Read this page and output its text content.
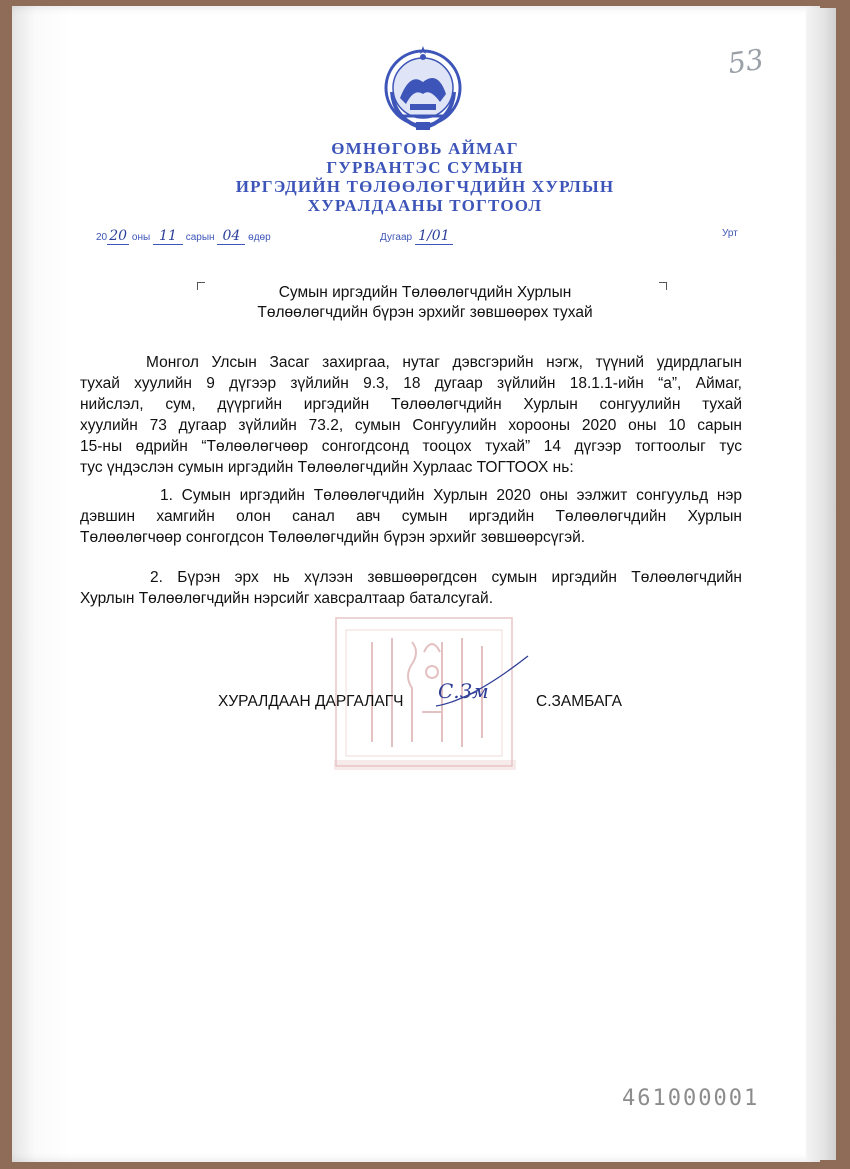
ӨМНӨГОВЬ АЙМАГ
ГУРВАНТЭС СУМЫН
ИРГЭДИЙН ТӨЛӨӨЛӨГЧДИЙН ХУРЛЫН
ХУРАЛДААНЫ ТОГТООЛ
20 20 оны 11 сарын 04 өдөр	Дугаар 1/01	Урт
Сумын иргэдийн Төлөөлөгчдийн Хурлын
Төлөөлөгчдийн бүрэн эрхийг зөвшөөрөх тухай
Монгол Улсын Засаг захиргаа, нутаг дэвсгэрийн нэгж, түүний удирдлагын
тухай хуулийн 9 дүгээр зүйлийн 9.3, 18 дугаар зүйлийн 18.1.1-ийн “а”, Аймаг,
нийслэл, сум, дүүргийн иргэдийн Төлөөлөгчдийн Хурлын сонгуулийн тухай
хуулийн 73 дугаар зүйлийн 73.2, сумын Сонгуулийн хорооны 2020 оны 10 сарын
15-ны өдрийн “Төлөөлөгчөөр сонгогдсонд тооцох тухай” 14 дүгээр тогтоолыг тус
тус үндэслэн сумын иргэдийн Төлөөлөгчдийн Хурлаас ТОГТООХ нь:
1. Сумын иргэдийн Төлөөлөгчдийн Хурлын 2020 оны ээлжит сонгуульд нэр
дэвшин хамгийн олон санал авч сумын иргэдийн Төлөөлөгчдийн Хурлын
Төлөөлөгчөөр сонгогдсон Төлөөлөгчдийн бүрэн эрхийг зөвшөөрсүгэй.
2. Бүрэн эрх нь хүлээн зөвшөөрөгдсөн сумын иргэдийн Төлөөлөгчдийн
Хурлын Төлөөлөгчдийн нэрсийг хавсралтаар баталсугай.
С.Зм
ХУРАЛДААН ДАРГАЛАГЧ	С.ЗАМБАГА
53
461000001
